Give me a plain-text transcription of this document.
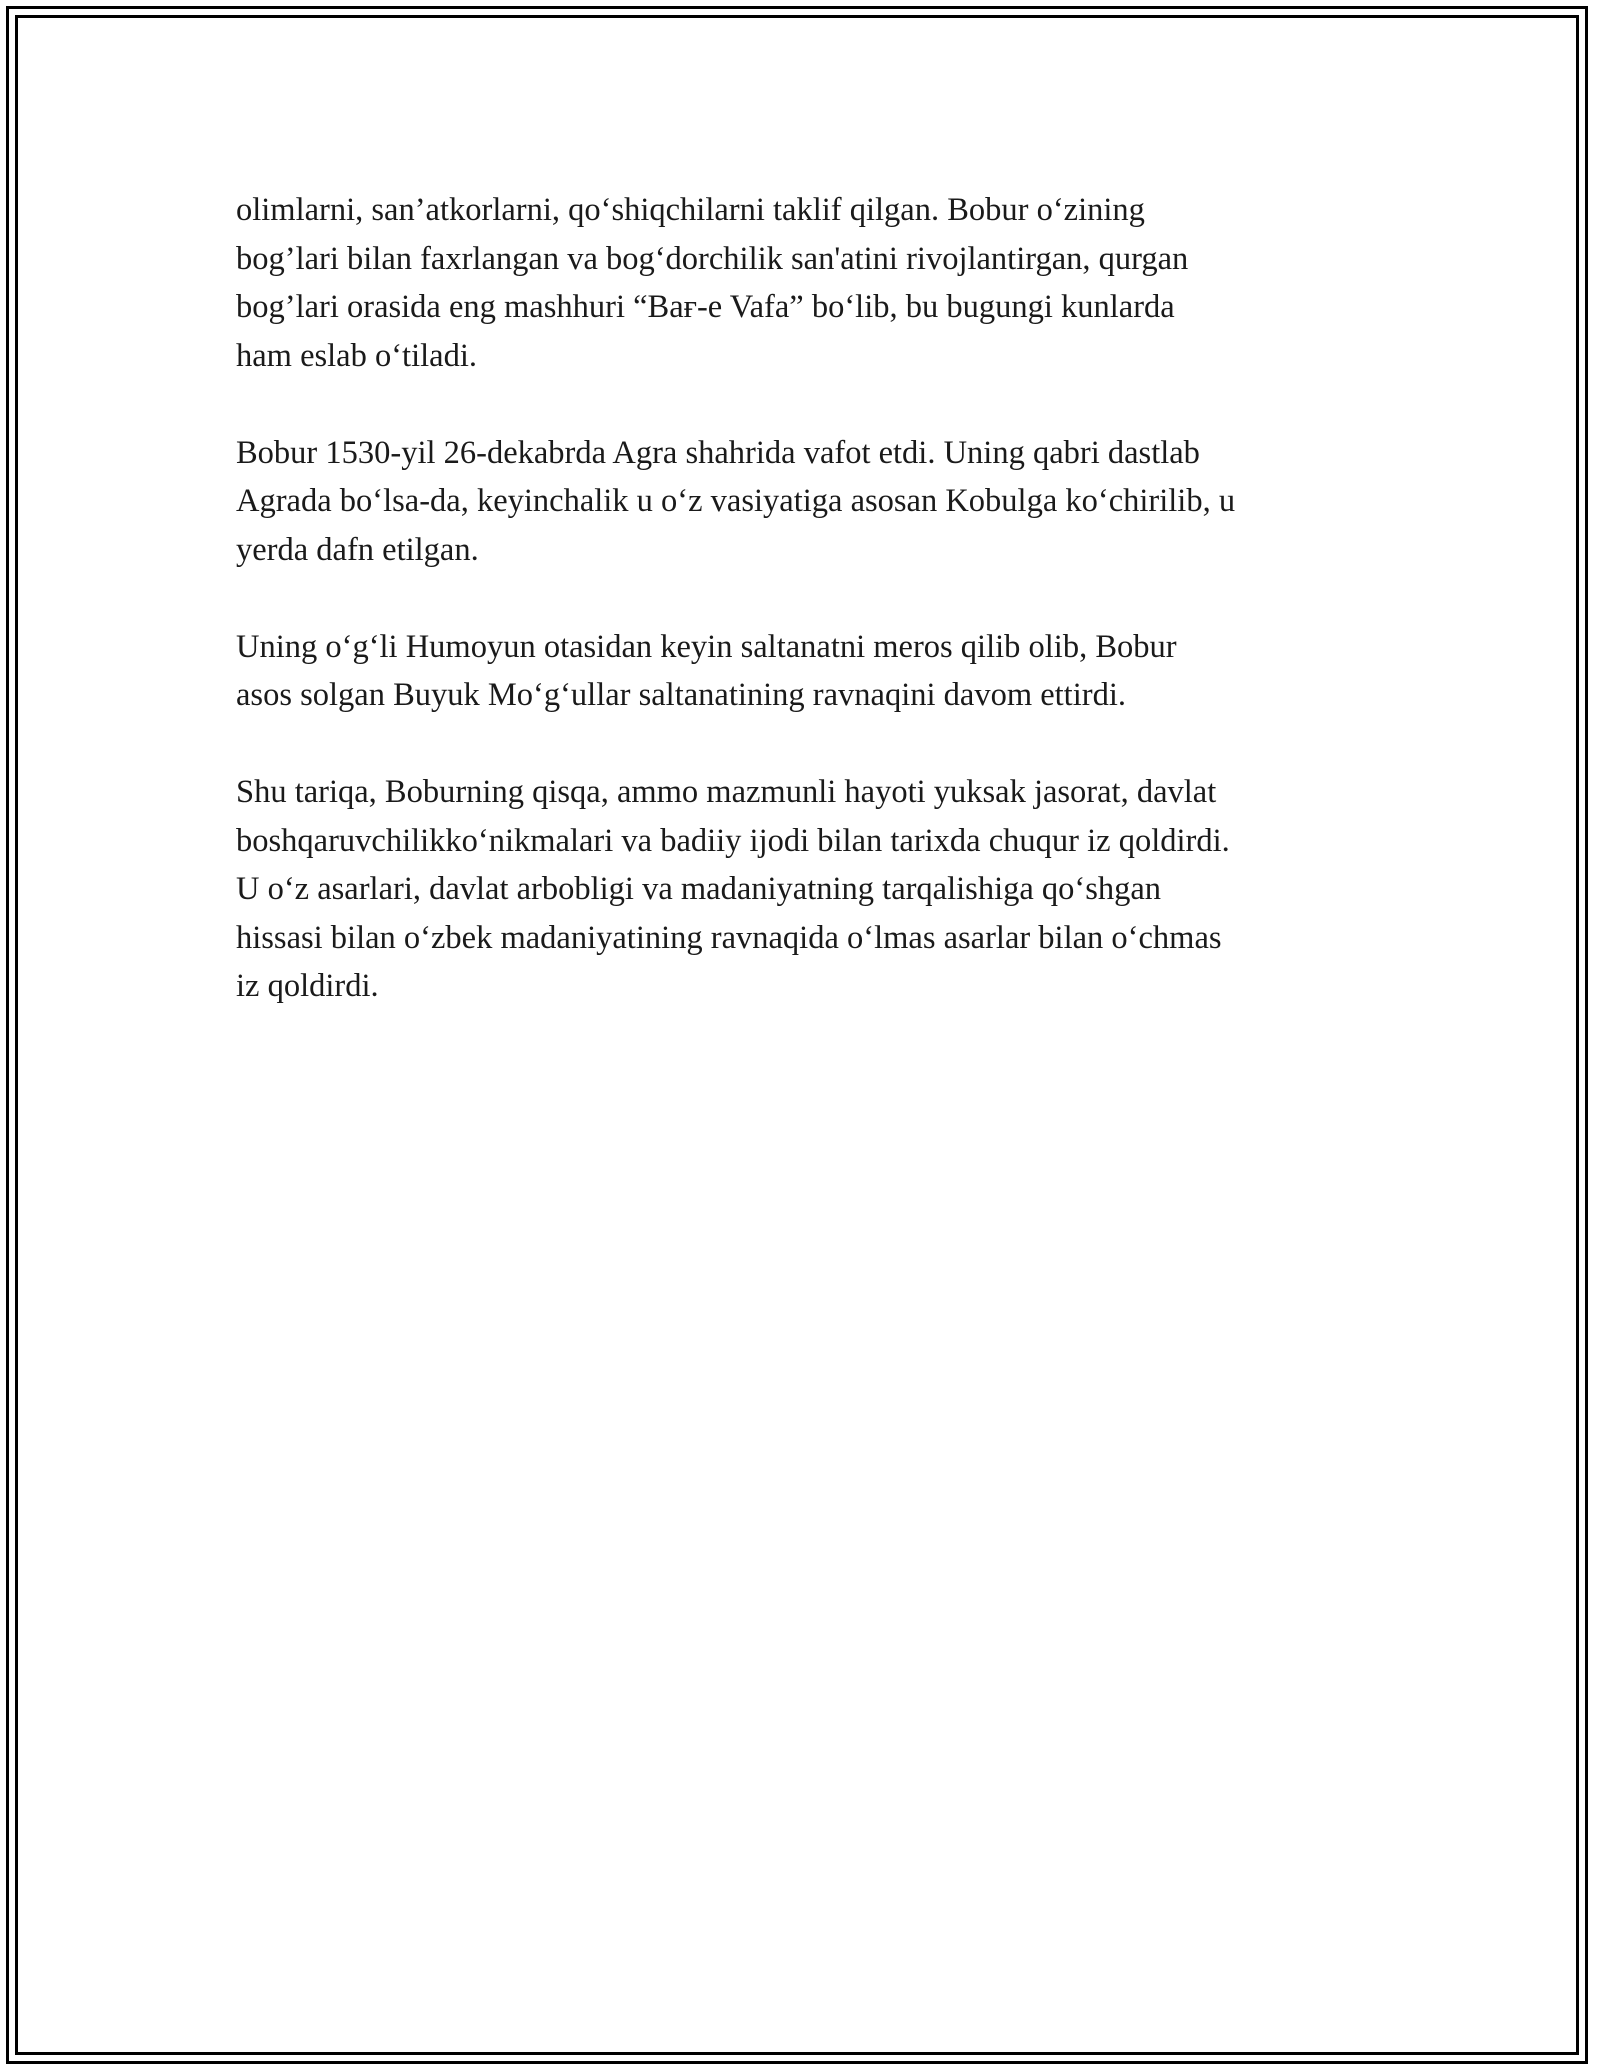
olimlarni, san’atkorlarni, qo‘shiqchilarni taklif qilgan. Bobur o‘zining
bog’lari bilan faxrlangan va bog‘dorchilik san'atini rivojlantirgan, qurgan
bog’lari orasida eng mashhuri “Baғ-e Vafa” bo‘lib, bu bugungi kunlarda
ham eslab o‘tiladi.

Bobur 1530-yil 26-dekabrda Agra shahrida vafot etdi. Uning qabri dastlab
Agrada bo‘lsa-da, keyinchalik u o‘z vasiyatiga asosan Kobulga ko‘chirilib, u
yerda dafn etilgan.

Uning o‘g‘li Humoyun otasidan keyin saltanatni meros qilib olib, Bobur
asos solgan Buyuk Mo‘g‘ullar saltanatining ravnaqini davom ettirdi.

Shu tariqa, Boburning qisqa, ammo mazmunli hayoti yuksak jasorat, davlat
boshqaruvchilikko‘nikmalari va badiiy ijodi bilan tarixda chuqur iz qoldirdi.
U o‘z asarlari, davlat arbobligi va madaniyatning tarqalishiga qo‘shgan
hissasi bilan o‘zbek madaniyatining ravnaqida o‘lmas asarlar bilan o‘chmas
iz qoldirdi.
